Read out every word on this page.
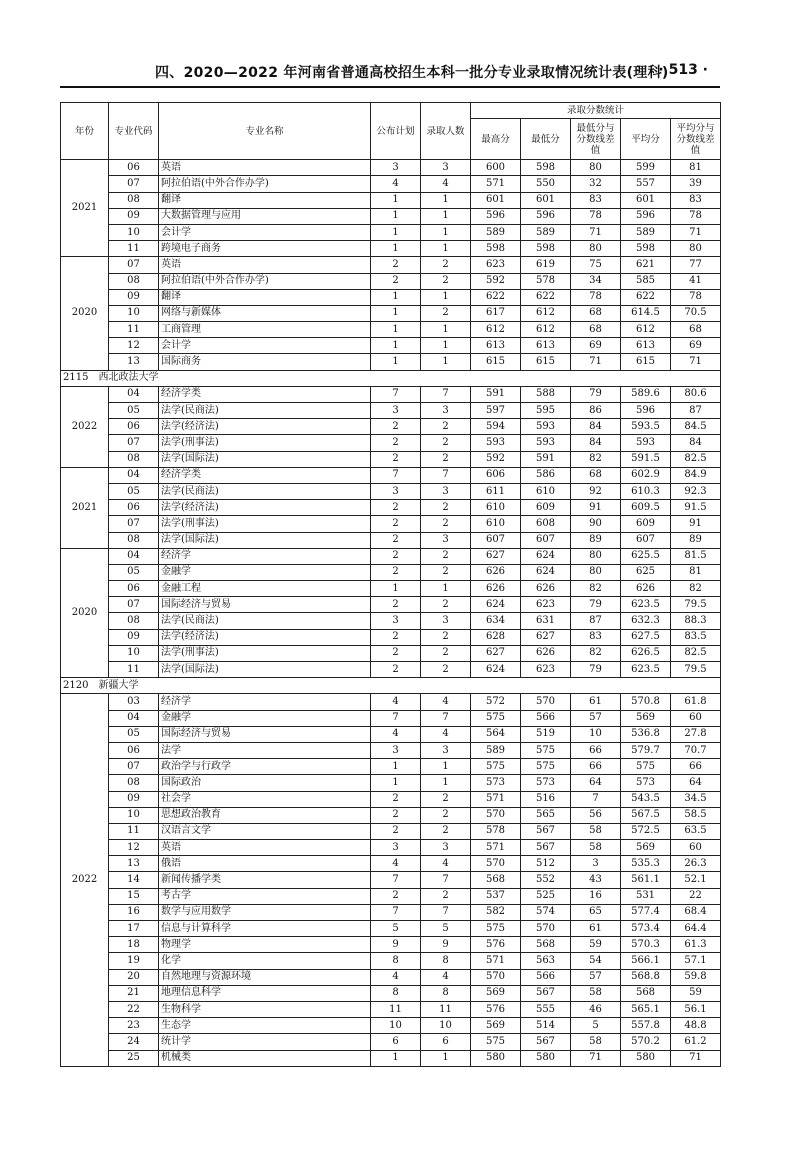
四、2020—2022 年河南省普通高校招生本科一批分专业录取情况统计表(理科)
· 513 ·
年份	专业代码	专业名称	公布计划	录取人数	录取分数统计				
					最高分	最低分	最低分与分数线差值	平均分	平均分与分数线差值
2021	06	英语	3	3	600	598	80	599	81
	07	阿拉伯语(中外合作办学)	4	4	571	550	32	557	39
	08	翻译	1	1	601	601	83	601	83
	09	大数据管理与应用	1	1	596	596	78	596	78
	10	会计学	1	1	589	589	71	589	71
	11	跨境电子商务	1	1	598	598	80	598	80
2020	07	英语	2	2	623	619	75	621	77
	08	阿拉伯语(中外合作办学)	2	2	592	578	34	585	41
	09	翻译	1	1	622	622	78	622	78
	10	网络与新媒体	1	2	617	612	68	614.5	70.5
	11	工商管理	1	1	612	612	68	612	68
	12	会计学	1	1	613	613	69	613	69
	13	国际商务	1	1	615	615	71	615	71
2115　西北政法大学									
2022	04	经济学类	7	7	591	588	79	589.6	80.6
	05	法学(民商法)	3	3	597	595	86	596	87
	06	法学(经济法)	2	2	594	593	84	593.5	84.5
	07	法学(刑事法)	2	2	593	593	84	593	84
	08	法学(国际法)	2	2	592	591	82	591.5	82.5
2021	04	经济学类	7	7	606	586	68	602.9	84.9
	05	法学(民商法)	3	3	611	610	92	610.3	92.3
	06	法学(经济法)	2	2	610	609	91	609.5	91.5
	07	法学(刑事法)	2	2	610	608	90	609	91
	08	法学(国际法)	2	3	607	607	89	607	89
2020	04	经济学	2	2	627	624	80	625.5	81.5
	05	金融学	2	2	626	624	80	625	81
	06	金融工程	1	1	626	626	82	626	82
	07	国际经济与贸易	2	2	624	623	79	623.5	79.5
	08	法学(民商法)	3	3	634	631	87	632.3	88.3
	09	法学(经济法)	2	2	628	627	83	627.5	83.5
	10	法学(刑事法)	2	2	627	626	82	626.5	82.5
	11	法学(国际法)	2	2	624	623	79	623.5	79.5
2120　新疆大学									
2022	03	经济学	4	4	572	570	61	570.8	61.8
	04	金融学	7	7	575	566	57	569	60
	05	国际经济与贸易	4	4	564	519	10	536.8	27.8
	06	法学	3	3	589	575	66	579.7	70.7
	07	政治学与行政学	1	1	575	575	66	575	66
	08	国际政治	1	1	573	573	64	573	64
	09	社会学	2	2	571	516	7	543.5	34.5
	10	思想政治教育	2	2	570	565	56	567.5	58.5
	11	汉语言文学	2	2	578	567	58	572.5	63.5
	12	英语	3	3	571	567	58	569	60
	13	俄语	4	4	570	512	3	535.3	26.3
	14	新闻传播学类	7	7	568	552	43	561.1	52.1
	15	考古学	2	2	537	525	16	531	22
	16	数学与应用数学	7	7	582	574	65	577.4	68.4
	17	信息与计算科学	5	5	575	570	61	573.4	64.4
	18	物理学	9	9	576	568	59	570.3	61.3
	19	化学	8	8	571	563	54	566.1	57.1
	20	自然地理与资源环境	4	4	570	566	57	568.8	59.8
	21	地理信息科学	8	8	569	567	58	568	59
	22	生物科学	11	11	576	555	46	565.1	56.1
	23	生态学	10	10	569	514	5	557.8	48.8
	24	统计学	6	6	575	567	58	570.2	61.2
	25	机械类	1	1	580	580	71	580	71
